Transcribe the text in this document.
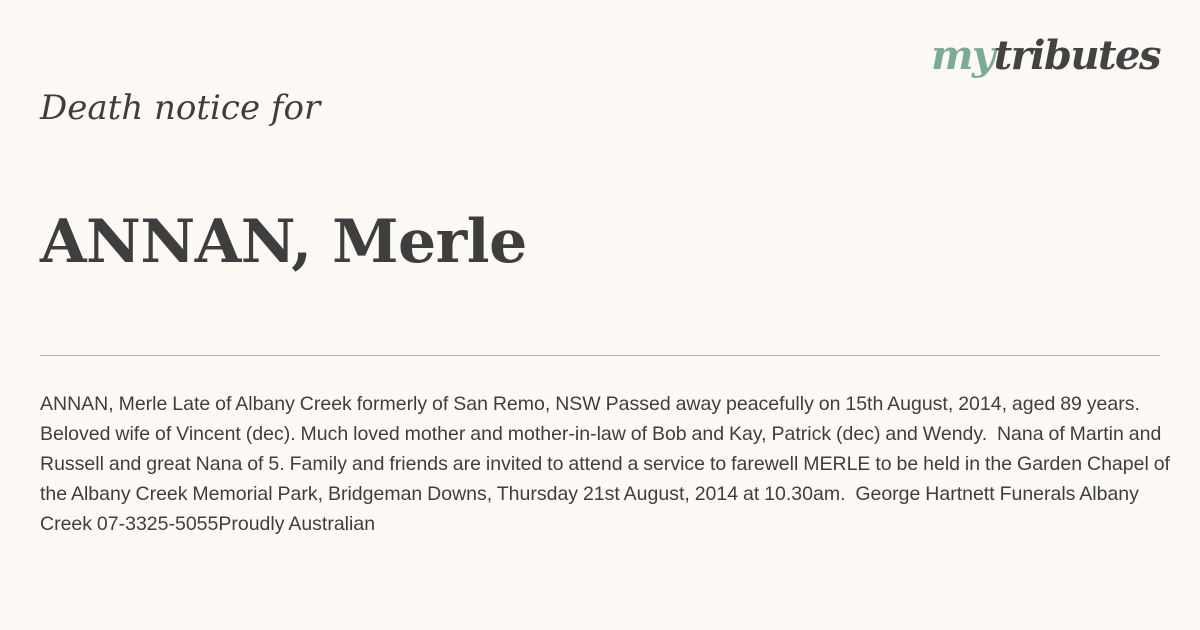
mytributes
Death notice for
ANNAN, Merle

ANNAN, Merle Late of Albany Creek formerly of San Remo, NSW Passed away peacefully on 15th August, 2014, aged 89 years.  Beloved wife of Vincent (dec). Much loved mother and mother-in-law of Bob and Kay, Patrick (dec) and Wendy.  Nana of Martin and Russell and great Nana of 5. Family and friends are invited to attend a service to farewell MERLE to be held in the Garden Chapel of the Albany Creek Memorial Park, Bridgeman Downs, Thursday 21st August, 2014 at 10.30am.  George Hartnett Funerals Albany Creek 07-3325-5055Proudly Australian
